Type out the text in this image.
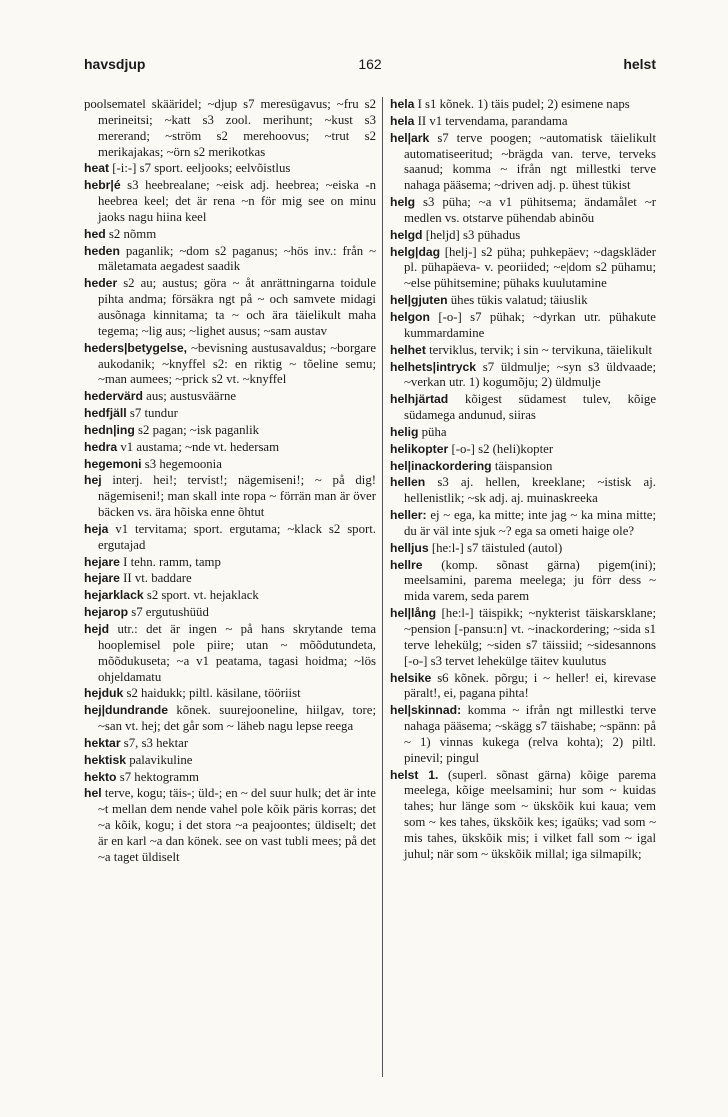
havsdjup	162	helst

poolsematel skääridel; ~djup s7 meresügavus; ~fru s2 merineitsi; ~katt s3 zool. merihunt; ~kust s3 mererand; ~ström s2 merehoovus; ~trut s2 merikajakas; ~örn s2 merikotkas

heat [-i:-] s7 sport. eeljooks; eelvõistlus

hebr|é s3 heebrealane; ~eisk adj. heebrea; ~eiska -n heebrea keel; det är rena ~n för mig see on minu jaoks nagu hiina keel

hed s2 nõmm

heden paganlik; ~dom s2 paganus; ~hös inv.: från ~ mäletamata aegadest saadik

heder s2 au; austus; göra ~ åt anrättningarna toidule pihta andma; försäkra ngt på ~ och samvete midagi ausõnaga kinnitama; ta ~ och ära täielikult maha tegema; ~lig aus; ~lighet ausus; ~sam austav

heders|betygelse, ~bevisning austusavaldus; ~borgare aukodanik; ~knyffel s2: en riktig ~ tõeline semu; ~man aumees; ~prick s2 vt. ~knyffel

hedervärd aus; austusväärne

hedfjäll s7 tundur

hedn|ing s2 pagan; ~isk paganlik

hedra v1 austama; ~nde vt. hedersam

hegemoni s3 hegemoonia

hej interj. hei!; tervist!; nägemiseni!; ~ på dig! nägemiseni!; man skall inte ropa ~ förrän man är över bäcken vs. ära hõiska enne õhtut

heja v1 tervitama; sport. ergutama; ~klack s2 sport. ergutajad

hejare I tehn. ramm, tamp

hejare II vt. baddare

hejarklack s2 sport. vt. hejaklack

hejarop s7 ergutushüüd

hejd utr.: det är ingen ~ på hans skrytande tema hooplemisel pole piire; utan ~ mõõdutundeta, mõõdukuseta; ~a v1 peatama, tagasi hoidma; ~lös ohjeldamatu

hejduk s2 haidukk; piltl. käsilane, tööriist

hej|dundrande kõnek. suurejooneline, hiilgav, tore; ~san vt. hej; det går som ~ läheb nagu lepse reega

hektar s7, s3 hektar

hektisk palavikuline

hekto s7 hektogramm

hel terve, kogu; täis-; üld-; en ~ del suur hulk; det är inte ~t mellan dem nende vahel pole kõik päris korras; det ~a kõik, kogu; i det stora ~a peajoontes; üldiselt; det är en karl ~a dan könek. see on vast tubli mees; på det ~a taget üldiselt

hela I s1 kõnek. 1) täis pudel; 2) esimene naps

hela II v1 tervendama, parandama

hel|ark s7 terve poogen; ~automatisk täielikult automatiseeritud; ~brägda van. terve, terveks saanud; komma ~ ifrån ngt millestki terve nahaga pääsema; ~driven adj. p. ühest tükist

helg s3 püha; ~a v1 pühitsema; ändamålet ~r medlen vs. otstarve pühendab abinõu

helgd [heljd] s3 pühadus

helg|dag [helj-] s2 püha; puhkepäev; ~dagskläder pl. pühapäeva- v. peoriided; ~e|dom s2 pühamu; ~else pühitsemine; pühaks kuulutamine

hel|gjuten ühes tükis valatud; täiuslik

helgon [-o-] s7 pühak; ~dyrkan utr. pühakute kummardamine

helhet terviklus, tervik; i sin ~ tervikuna, täielikult

helhets|intryck s7 üldmulje; ~syn s3 üldvaade; ~verkan utr. 1) kogumõju; 2) üldmulje

helhjärtad kõigest südamest tulev, kõige südamega andunud, siiras

helig püha

helikopter [-o-] s2 (heli)kopter

hel|inackordering täispansion

hellen s3 aj. hellen, kreeklane; ~istisk aj. hellenistlik; ~sk adj. aj. muinaskreeka

heller: ej ~ ega, ka mitte; inte jag ~ ka mina mitte; du är väl inte sjuk ~? ega sa ometi haige ole?

helljus [he:l-] s7 täistuled (autol)

hellre (komp. sõnast gärna) pigem(ini); meelsamini, parema meelega; ju förr dess ~ mida varem, seda parem

hel|lång [he:l-] täispikk; ~nykterist täiskarsklane; ~pension [-pansu:n] vt. ~inackordering; ~sida s1 terve lehekülg; ~siden s7 täissiid; ~sidesannons [-o-] s3 tervet lehekülge täitev kuulutus

helsike s6 kõnek. põrgu; i ~ heller! ei, kirevase päralt!, ei, pagana pihta!

hel|skinnad: komma ~ ifrån ngt millestki terve nahaga pääsema; ~skägg s7 täishabe; ~spänn: på ~ 1) vinnas kukega (relva kohta); 2) piltl. pinevil; pingul

helst 1. (superl. sõnast gärna) kõige parema meelega, kõige meelsamini; hur som ~ kuidas tahes; hur länge som ~ ükskõik kui kaua; vem som ~ kes tahes, ükskõik kes; igaüks; vad som ~ mis tahes, ükskõik mis; i vilket fall som ~ igal juhul; när som ~ ükskõik millal; iga silmapilk;
